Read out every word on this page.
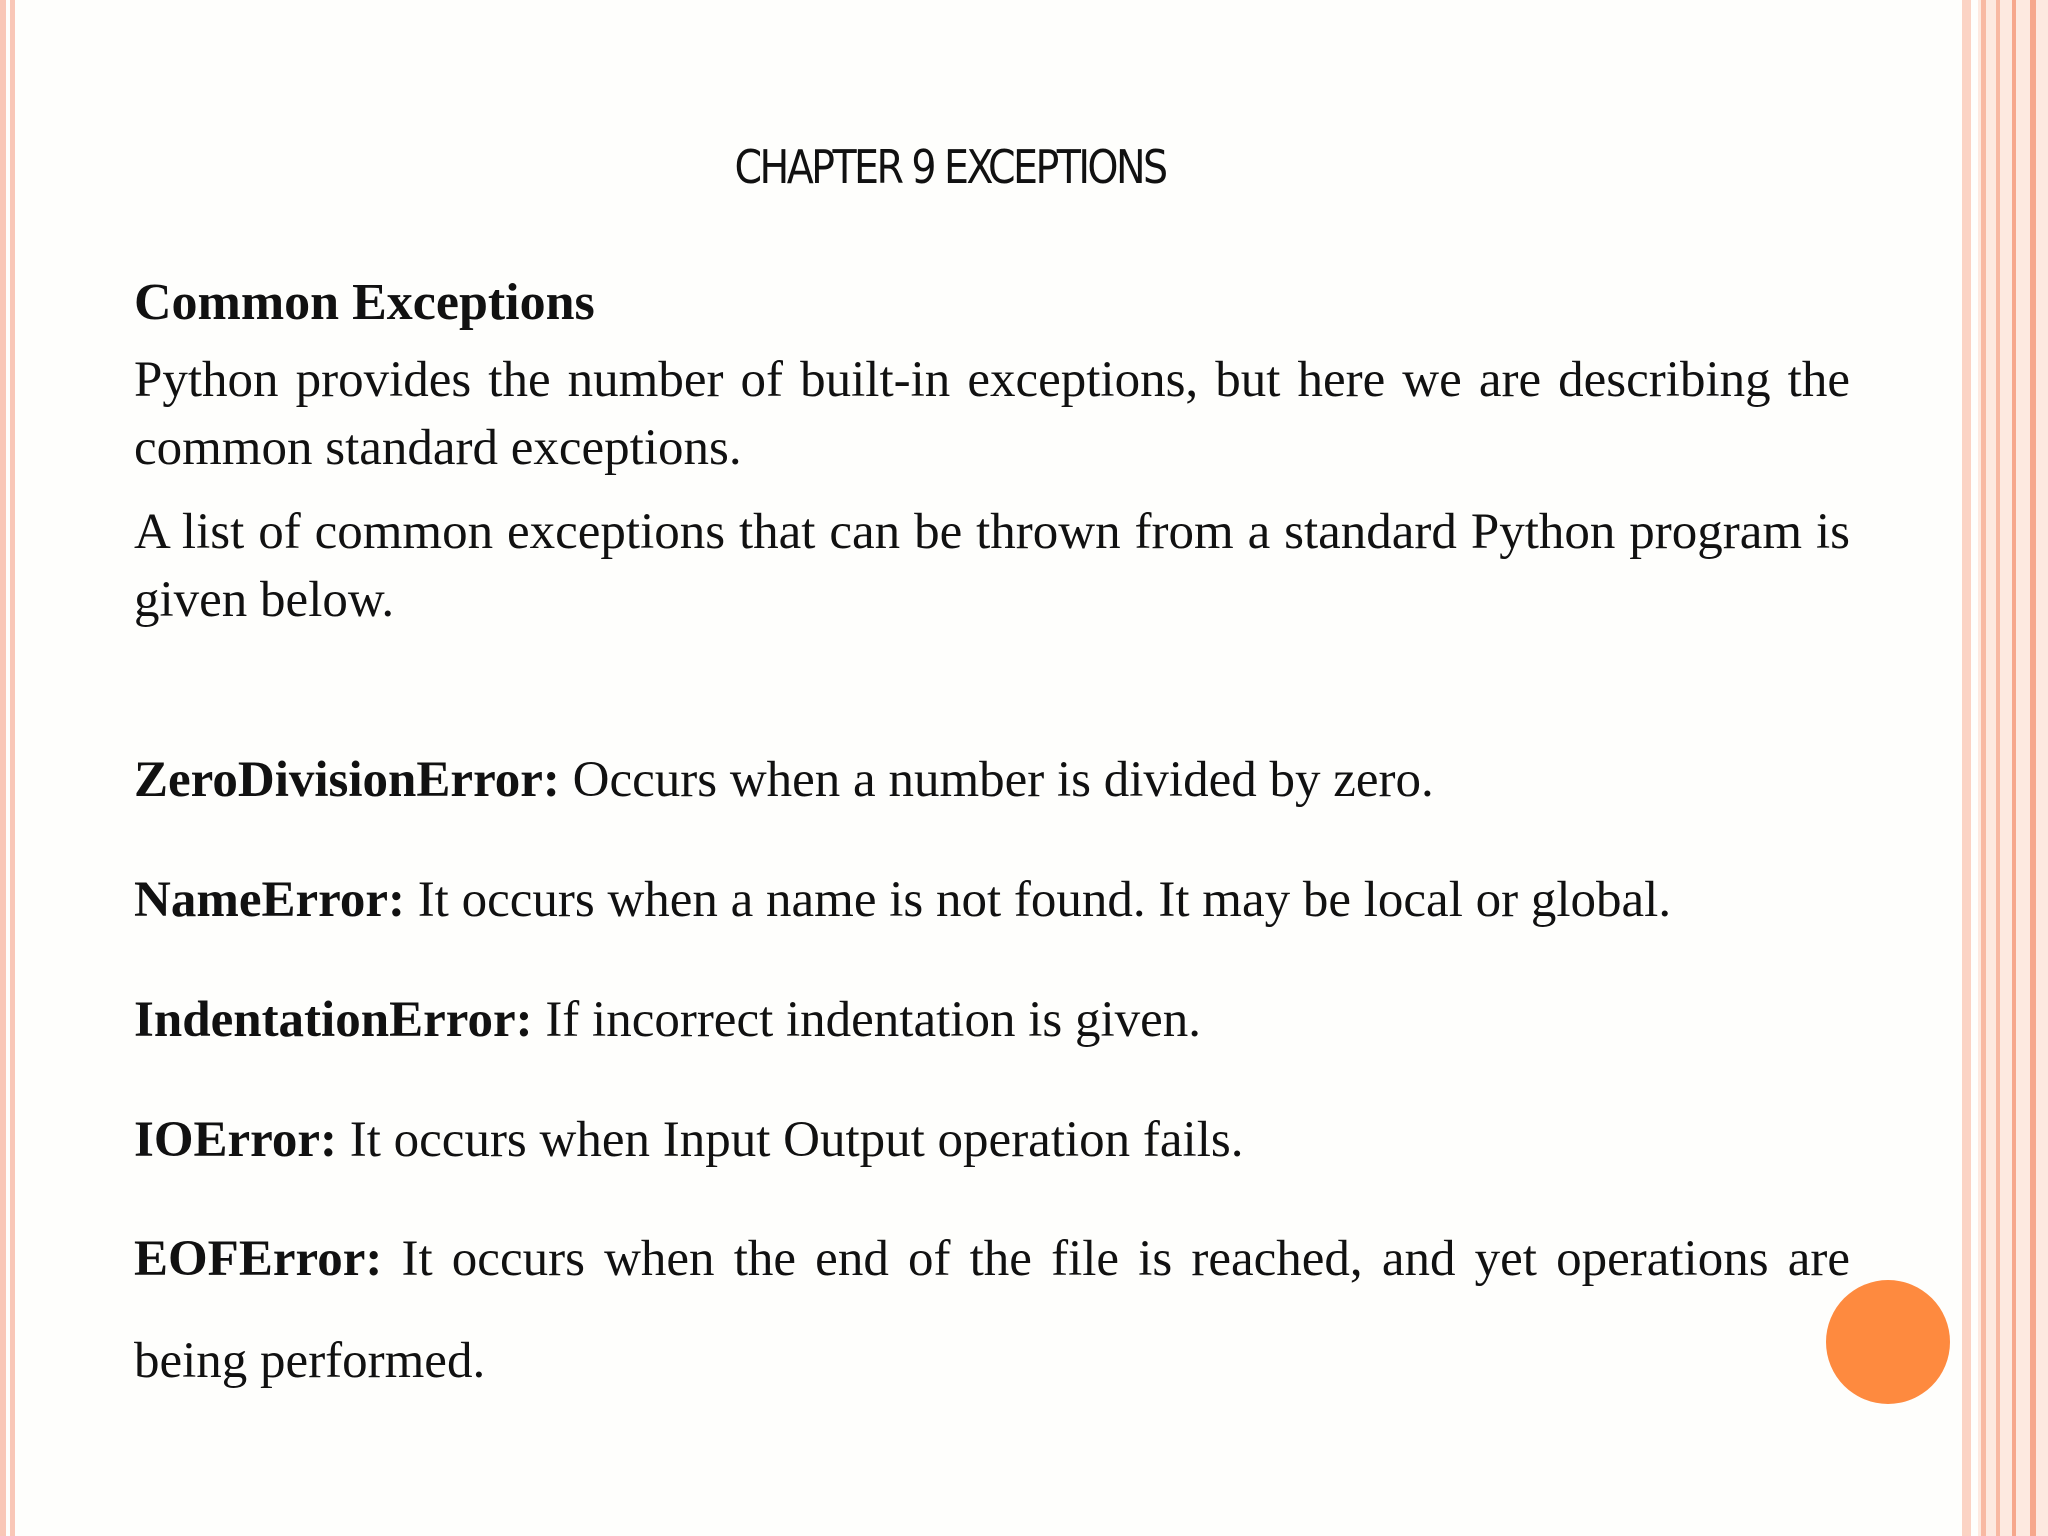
CHAPTER 9 EXCEPTIONS
Common Exceptions

Python provides the number of built-in exceptions, but here we are describing the common standard exceptions.

A list of common exceptions that can be thrown from a standard Python program is given below.

ZeroDivisionError: Occurs when a number is divided by zero.

NameError: It occurs when a name is not found. It may be local or global.

IndentationError: If incorrect indentation is given.

IOError: It occurs when Input Output operation fails.

EOFError: It occurs when the end of the file is reached, and yet operations are being performed.
